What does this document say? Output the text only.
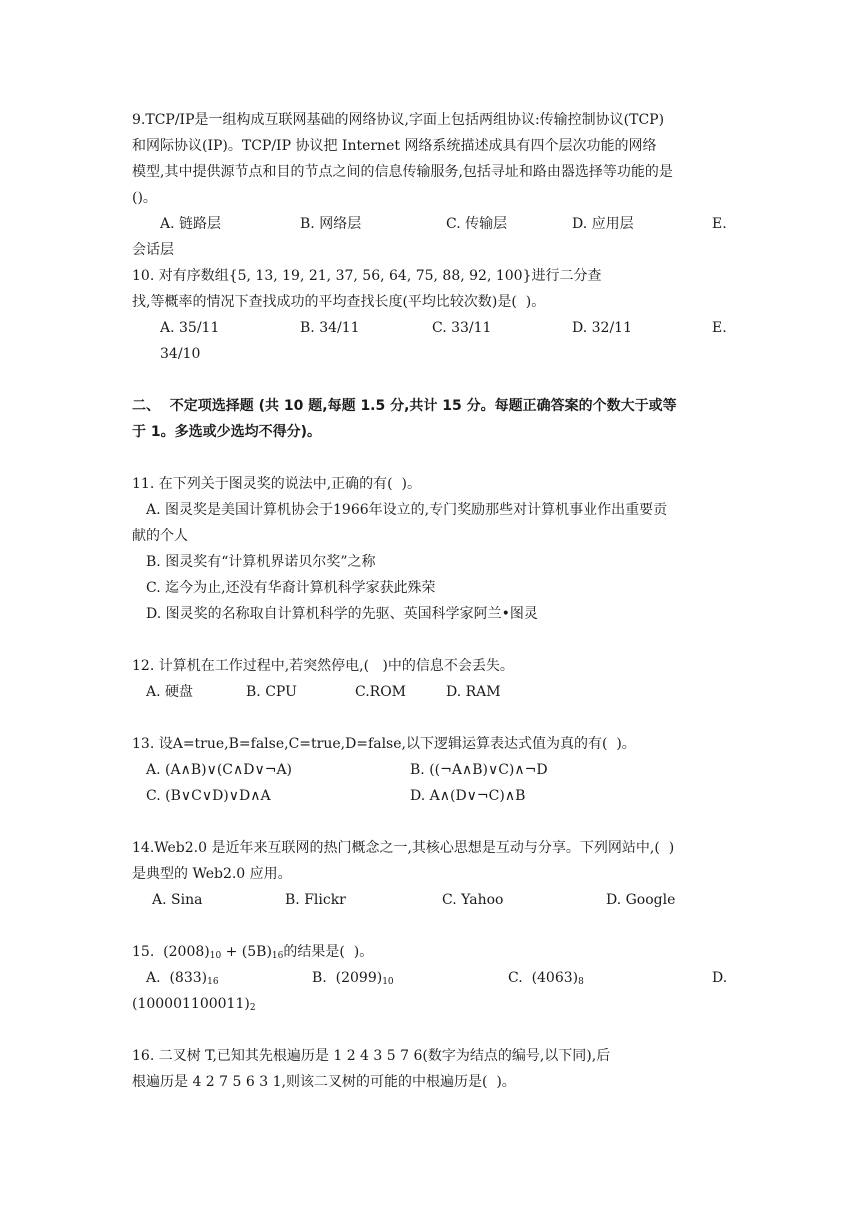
9.TCP/IP是一组构成互联网基础的网络协议,字面上包括两组协议:传输控制协议(TCP)
和网际协议(IP)。TCP/IP 协议把 Internet 网络系统描述成具有四个层次功能的网络
模型,其中提供源节点和目的节点之间的信息传输服务,包括寻址和路由器选择等功能的是
()。
A. 链路层	B. 网络层	C. 传输层	D. 应用层	E.
会话层
10. 对有序数组{5, 13, 19, 21, 37, 56, 64, 75, 88, 92, 100}进行二分查
找,等概率的情况下查找成功的平均查找长度(平均比较次数)是(  )。
A. 35/11	B. 34/11	C. 33/11	D. 32/11	E.
34/10
二、  不定项选择题 (共 10 题,每题 1.5 分,共计 15 分。每题正确答案的个数大于或等
于 1。多选或少选均不得分)。
11. 在下列关于图灵奖的说法中,正确的有(  )。
A. 图灵奖是美国计算机协会于1966年设立的,专门奖励那些对计算机事业作出重要贡
献的个人
B. 图灵奖有“计算机界诺贝尔奖”之称
C. 迄今为止,还没有华裔计算机科学家获此殊荣
D. 图灵奖的名称取自计算机科学的先驱、英国科学家阿兰•图灵
12. 计算机在工作过程中,若突然停电,(   )中的信息不会丢失。
A. 硬盘	B. CPU	C.ROM	D. RAM
13. 设A=true,B=false,C=true,D=false,以下逻辑运算表达式值为真的有(  )。
A. (A∧B)∨(C∧D∨¬A)	B. ((¬A∧B)∨C)∧¬D
C. (B∨C∨D)∨D∧A	D. A∧(D∨¬C)∧B
14.Web2.0 是近年来互联网的热门概念之一,其核心思想是互动与分享。下列网站中,(  )
是典型的 Web2.0 应用。
A. Sina	B. Flickr	C. Yahoo	D. Google
15.  $(2008)_{10} + (5B)_{16}$的结果是(  )。
A.  $(833)_{16}$	B.  $(2099)_{10}$	C.  $(4063)_8$	D.
$(100001100011)_2$
16. 二叉树 T,已知其先根遍历是 1 2 4 3 5 7 6(数字为结点的编号,以下同),后
根遍历是 4 2 7 5 6 3 1,则该二叉树的可能的中根遍历是(  )。
